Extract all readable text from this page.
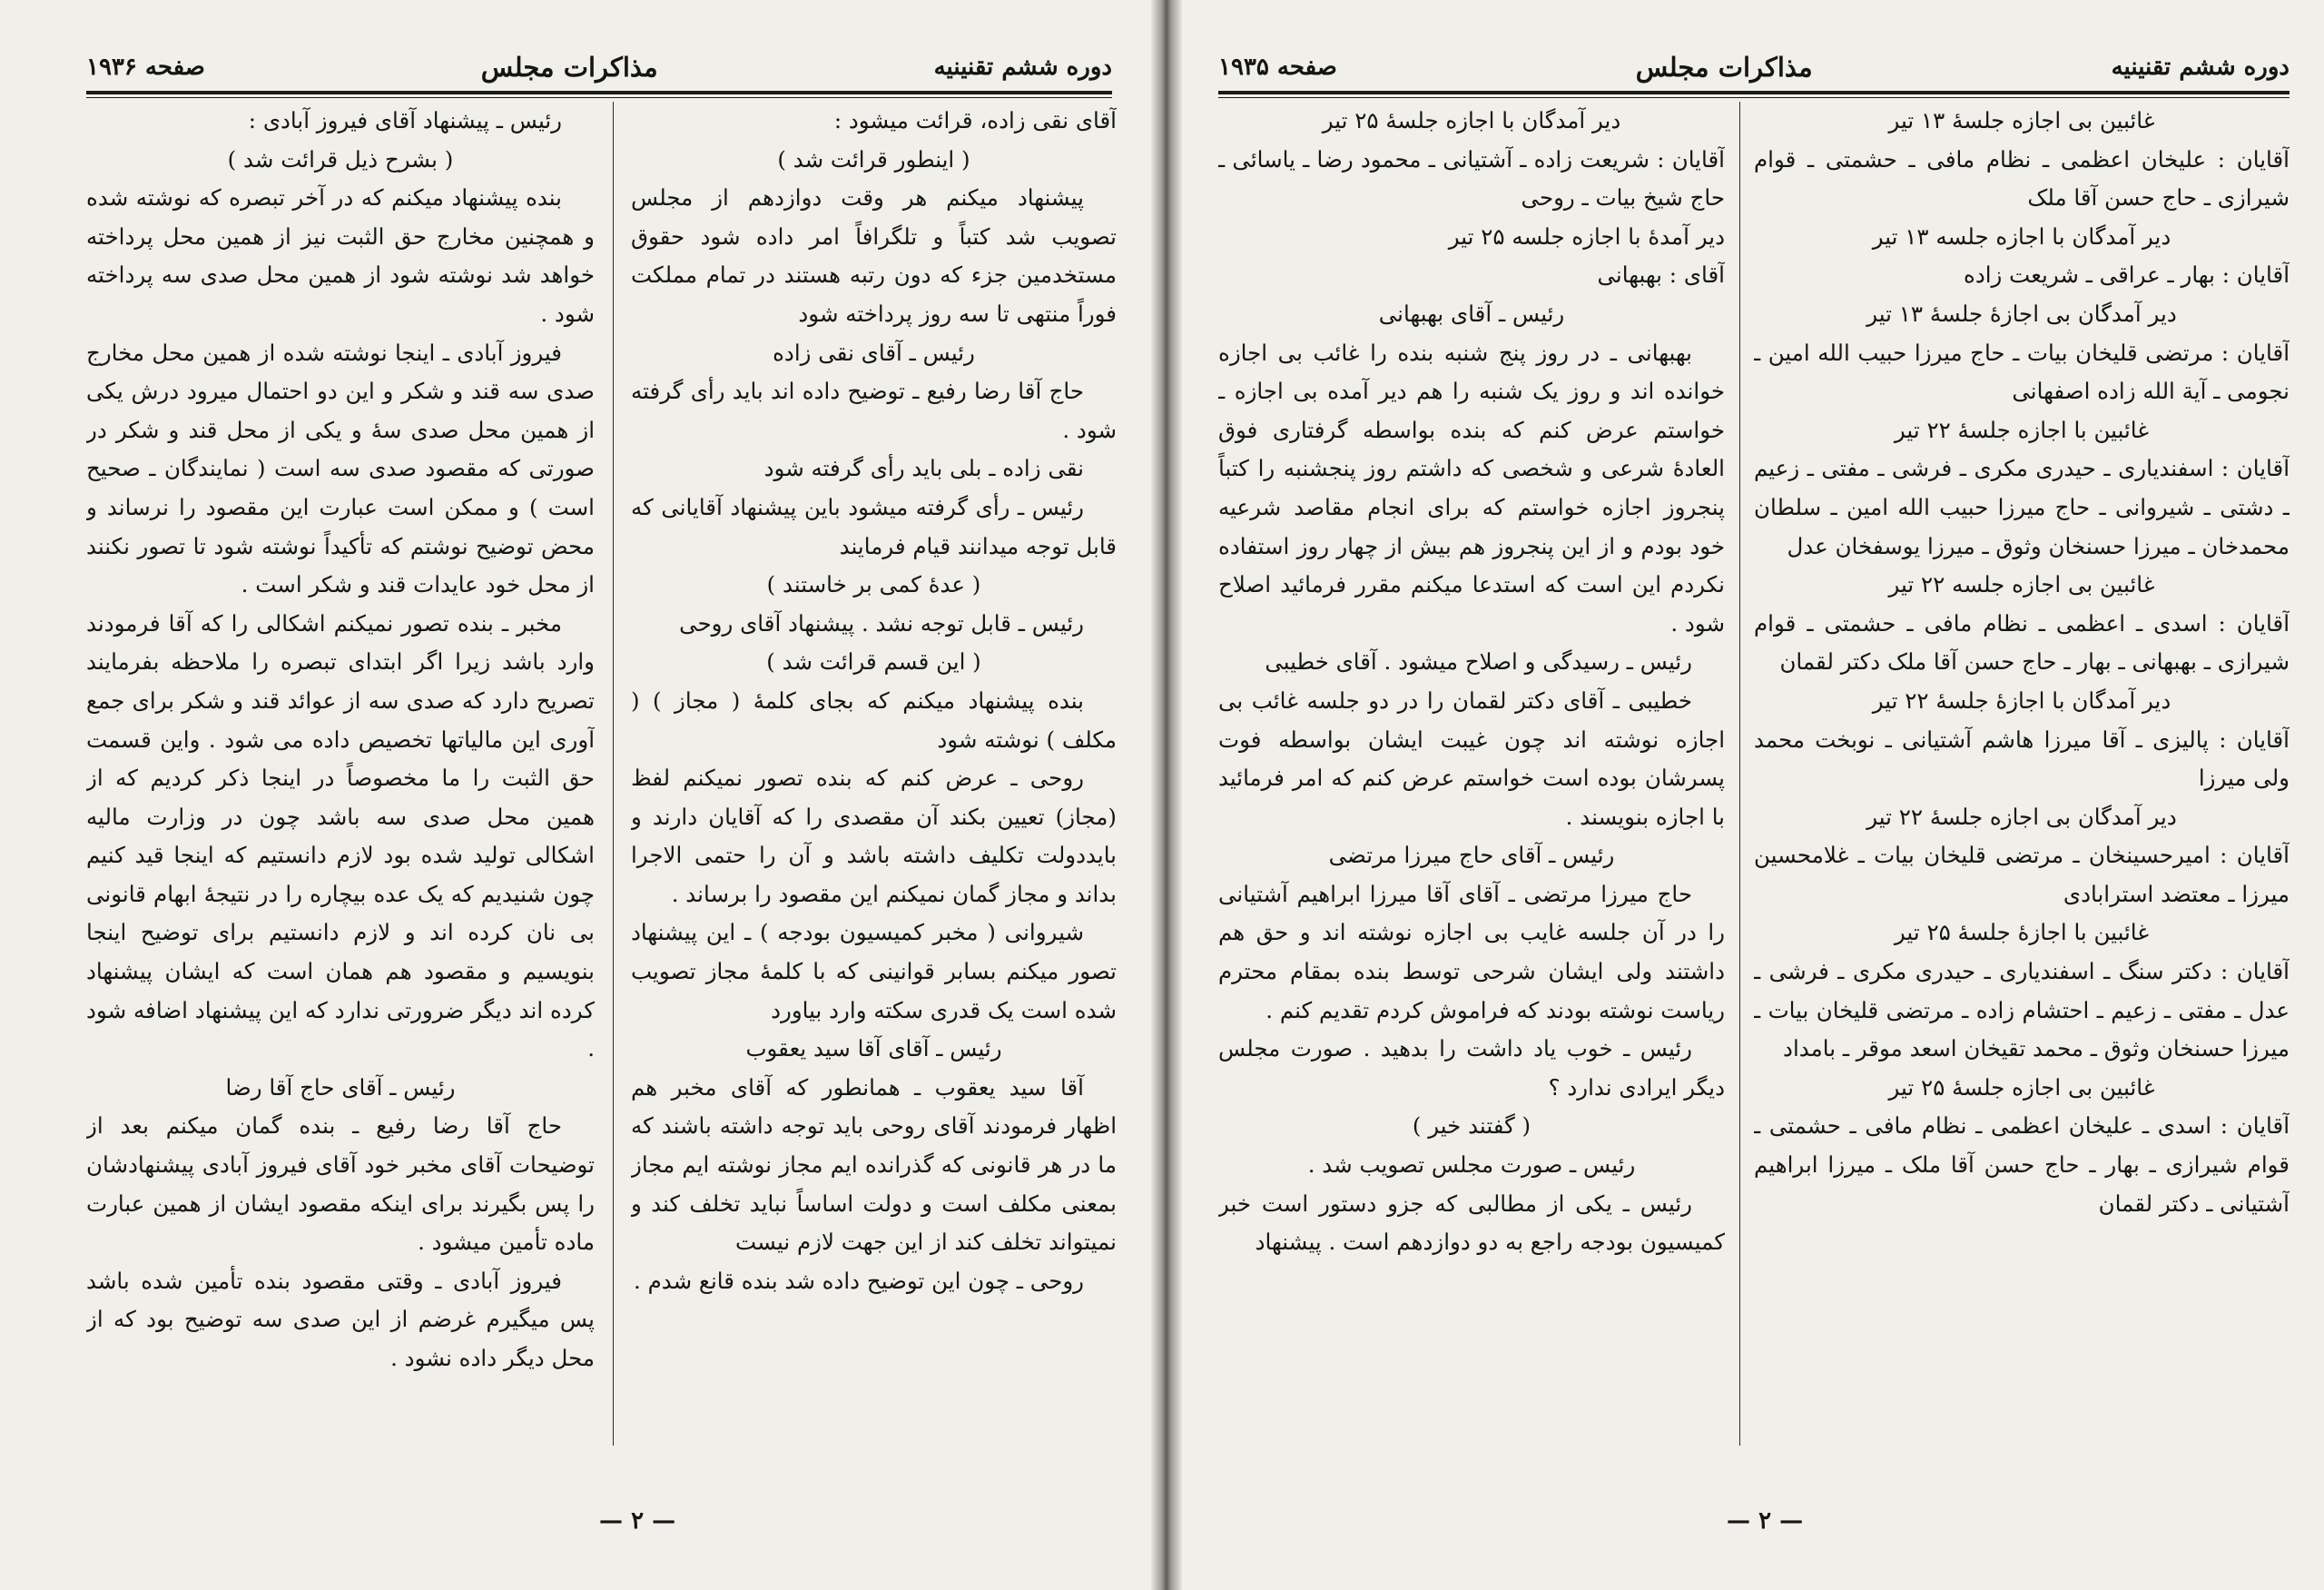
صفحه ۱۹۳۶	مذاکرات مجلس	دوره ششم تقنینیه

آقای نقی زاده، قرائت میشود :

( اینطور قرائت شد )

پیشنهاد میکنم هر وقت دوازدهم از مجلس تصویب شد کتباً و تلگرافاً امر داده شود حقوق مستخدمین جزء که دون رتبه هستند در تمام مملکت فوراً منتهی تا سه روز پرداخته شود

رئیس ـ آقای نقی زاده

حاج آقا رضا رفیع ـ توضیح داده اند باید رأی گرفته شود .

نقی زاده ـ بلی باید رأی گرفته شود

رئیس ـ رأی گرفته میشود باین پیشنهاد آقایانی که قابل توجه میدانند قیام فرمایند

( عدهٔ کمی بر خاستند )

رئیس ـ قابل توجه نشد . پیشنهاد آقای روحی

( این قسم قرائت شد )

بنده پیشنهاد میکنم که بجای کلمهٔ ( مجاز ) ( مکلف ) نوشته شود

روحی ـ عرض کنم که بنده تصور نمیکنم لفظ (مجاز) تعیین بکند آن مقصدی را که آقایان دارند و بایددولت تکلیف داشته باشد و آن را حتمی الاجرا بداند و مجاز گمان نمیکنم این مقصود را برساند .

شیروانی ( مخبر کمیسیون بودجه ) ـ این پیشنهاد تصور میکنم بسابر قوانینی که با کلمهٔ مجاز تصویب شده است یک قدری سکته وارد بیاورد

رئیس ـ آقای آقا سید یعقوب

آقا سید یعقوب ـ همانطور که آقای مخبر هم اظهار فرمودند آقای روحی باید توجه داشته باشند که ما در هر قانونی که گذرانده ایم مجاز نوشته ایم مجاز بمعنی مکلف است و دولت اساساً نباید تخلف کند و نمیتواند تخلف کند از این جهت لازم نیست

روحی ـ چون این توضیح داده شد بنده قانع شدم .

رئیس ـ پیشنهاد آقای فیروز آبادی :

( بشرح ذیل قرائت شد )

بنده پیشنهاد میکنم که در آخر تبصره که نوشته شده و همچنین مخارج حق الثبت نیز از همین محل پرداخته خواهد شد نوشته شود از همین محل صدی سه پرداخته شود .

فیروز آبادی ـ اینجا نوشته شده از همین محل مخارج صدی سه قند و شکر و این دو احتمال میرود درش یکی از همین محل صدی سهٔ و یکی از محل قند و شکر در صورتی که مقصود صدی سه است ( نمایندگان ـ صحیح است ) و ممکن است عبارت این مقصود را نرساند و محض توضیح نوشتم که تأکیداً نوشته شود تا تصور نکنند از محل خود عایدات قند و شکر است .

مخبر ـ بنده تصور نمیکنم اشکالی را که آقا فرمودند وارد باشد زیرا اگر ابتدای تبصره را ملاحظه بفرمایند تصریح دارد که صدی سه از عوائد قند و شکر برای جمع آوری این مالیاتها تخصیص داده می شود . واین قسمت حق الثبت را ما مخصوصاً در اینجا ذکر کردیم که از همین محل صدی سه باشد چون در وزارت مالیه اشکالی تولید شده بود لازم دانستیم که اینجا قید کنیم چون شنیدیم که یک عده بیچاره را در نتیجهٔ ابهام قانونی بی نان کرده اند و لازم دانستیم برای توضیح اینجا بنویسیم و مقصود هم همان است که ایشان پیشنهاد کرده اند دیگر ضرورتی ندارد که این پیشنهاد اضافه شود .

رئیس ـ آقای حاج آقا رضا

حاج آقا رضا رفیع ـ بنده گمان میکنم بعد از توضیحات آقای مخبر خود آقای فیروز آبادی پیشنهادشان را پس بگیرند برای اینکه مقصود ایشان از همین عبارت ماده تأمین میشود .

فیروز آبادی ـ وقتی مقصود بنده تأمین شده باشد پس میگیرم غرضم از این صدی سه توضیح بود که از محل دیگر داده نشود .

— ٢ —
صفحه ۱۹۳۵	مذاکرات مجلس	دوره ششم تقنینیه

غائبین بی اجازه جلسهٔ ۱۳ تیر

آقایان : علیخان اعظمی ـ نظام مافی ـ حشمتی ـ قوام شیرازی ـ حاج حسن آقا ملک

دیر آمدگان با اجازه جلسه ۱۳ تیر

آقایان : بهار ـ عراقی ـ شریعت زاده

دیر آمدگان بی اجازهٔ جلسهٔ ۱۳ تیر

آقایان : مرتضی قلیخان بیات ـ حاج میرزا حبیب الله امین ـ نجومی ـ آیة الله زاده اصفهانی

غائبین با اجازه جلسهٔ ۲۲ تیر

آقایان : اسفندیاری ـ حیدری مکری ـ فرشی ـ مفتی ـ زعیم ـ دشتی ـ شیروانی ـ حاج میرزا حبیب الله امین ـ سلطان محمدخان ـ میرزا حسنخان وثوق ـ میرزا یوسفخان عدل

غائبین بی اجازه جلسه ۲۲ تیر

آقایان : اسدی ـ اعظمی ـ نظام مافی ـ حشمتی ـ قوام شیرازی ـ بهبهانی ـ بهار ـ حاج حسن آقا ملک دکتر لقمان

دیر آمدگان با اجازهٔ جلسهٔ ۲۲ تیر

آقایان : پالیزی ـ آقا میرزا هاشم آشتیانی ـ نوبخت محمد ولی میرزا

دیر آمدگان بی اجازه جلسهٔ ۲۲ تیر

آقایان : امیرحسینخان ـ مرتضی قلیخان بیات ـ غلامحسین میرزا ـ معتضد استرابادی

غائبین با اجازهٔ جلسهٔ ۲۵ تیر

آقایان : دکتر سنگ ـ اسفندیاری ـ حیدری مکری ـ فرشی ـ عدل ـ مفتی ـ زعیم ـ احتشام زاده ـ مرتضی قلیخان بیات ـ میرزا حسنخان وثوق ـ محمد تقیخان اسعد موقر ـ بامداد

غائبین بی اجازه جلسهٔ ۲۵ تیر

آقایان : اسدی ـ علیخان اعظمی ـ نظام مافی ـ حشمتی ـ قوام شیرازی ـ بهار ـ حاج حسن آقا ملک ـ میرزا ابراهیم آشتیانی ـ دکتر لقمان

دیر آمدگان با اجازه جلسهٔ ۲۵ تیر

آقایان : شریعت زاده ـ آشتیانی ـ محمود رضا ـ یاسائی ـ حاج شیخ بیات ـ روحی

دیر آمدهٔ با اجازه جلسه ۲۵ تیر

آقای : بهبهانی

رئیس ـ آقای بهبهانی

بهبهانی ـ در روز پنج شنبه بنده را غائب بی اجازه خوانده اند و روز یک شنبه را هم دیر آمده بی اجازه ـ خواستم عرض کنم که بنده بواسطه گرفتاری فوق العادهٔ شرعی و شخصی که داشتم روز پنجشنبه را کتباً پنجروز اجازه خواستم که برای انجام مقاصد شرعیه خود بودم و از این پنجروز هم بیش از چهار روز استفاده نکردم این است که استدعا میکنم مقرر فرمائید اصلاح شود .

رئیس ـ رسیدگی و اصلاح میشود . آقای خطیبی

خطیبی ـ آقای دکتر لقمان را در دو جلسه غائب بی اجازه نوشته اند چون غیبت ایشان بواسطه فوت پسرشان بوده است خواستم عرض کنم که امر فرمائید با اجازه بنویسند .

رئیس ـ آقای حاج میرزا مرتضی

حاج میرزا مرتضی ـ آقای آقا میرزا ابراهیم آشتیانی را در آن جلسه غایب بی اجازه نوشته اند و حق هم داشتند ولی ایشان شرحی توسط بنده بمقام محترم ریاست نوشته بودند که فراموش کردم تقدیم کنم .

رئیس ـ خوب یاد داشت را بدهید . صورت مجلس دیگر ایرادی ندارد ؟

( گفتند خیر )

رئیس ـ صورت مجلس تصویب شد .

رئیس ـ یکی از مطالبی که جزو دستور است خبر کمیسیون بودجه راجع به دو دوازدهم است . پیشنهاد

— ٢ —
